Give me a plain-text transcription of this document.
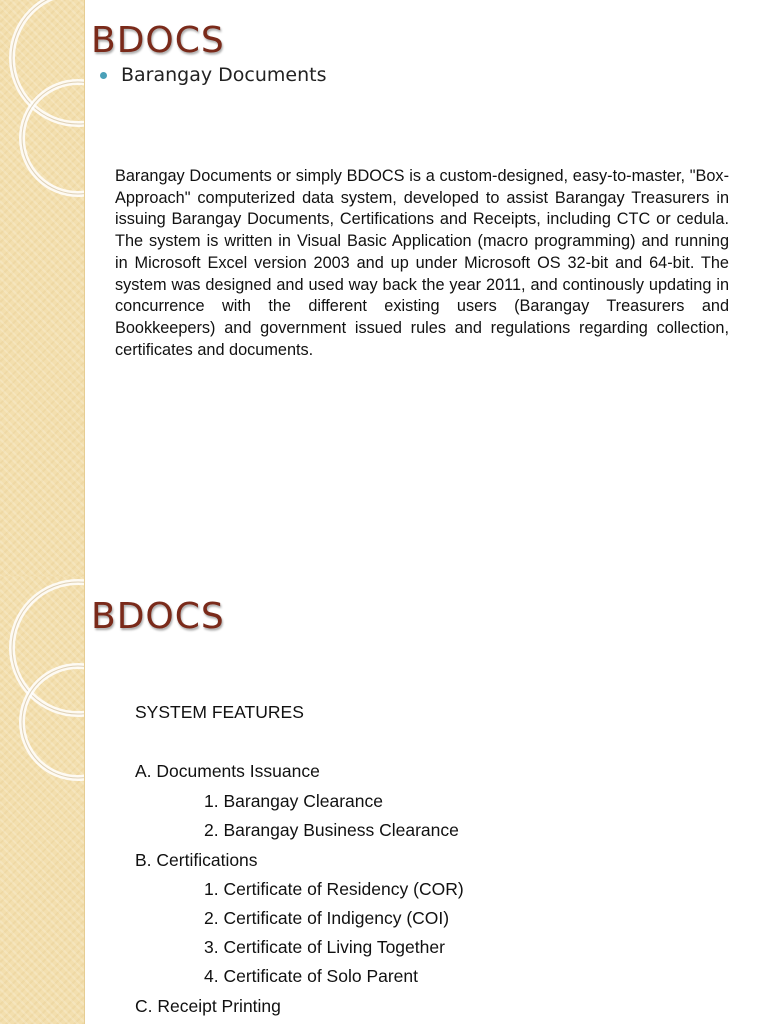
BDOCS
Barangay Documents

Barangay Documents or simply BDOCS is a custom-designed, easy-to-master, "Box-Approach" computerized data system, developed to assist Barangay Treasurers in issuing Barangay Documents, Certifications and Receipts, including CTC or cedula. The system is written in Visual Basic Application (macro programming) and running in Microsoft Excel version 2003 and up under Microsoft OS 32-bit and 64-bit. The system was designed and used way back the year 2011, and continously updating in concurrence with the different existing users (Barangay Treasurers and Bookkeepers) and government issued rules and regulations regarding collection, certificates and documents.

BDOCS
SYSTEM FEATURES
A. Documents Issuance
1. Barangay Clearance
2. Barangay Business Clearance
B. Certifications
1. Certificate of Residency (COR)
2. Certificate of Indigency (COI)
3. Certificate of Living Together
4. Certificate of Solo Parent
C. Receipt Printing
